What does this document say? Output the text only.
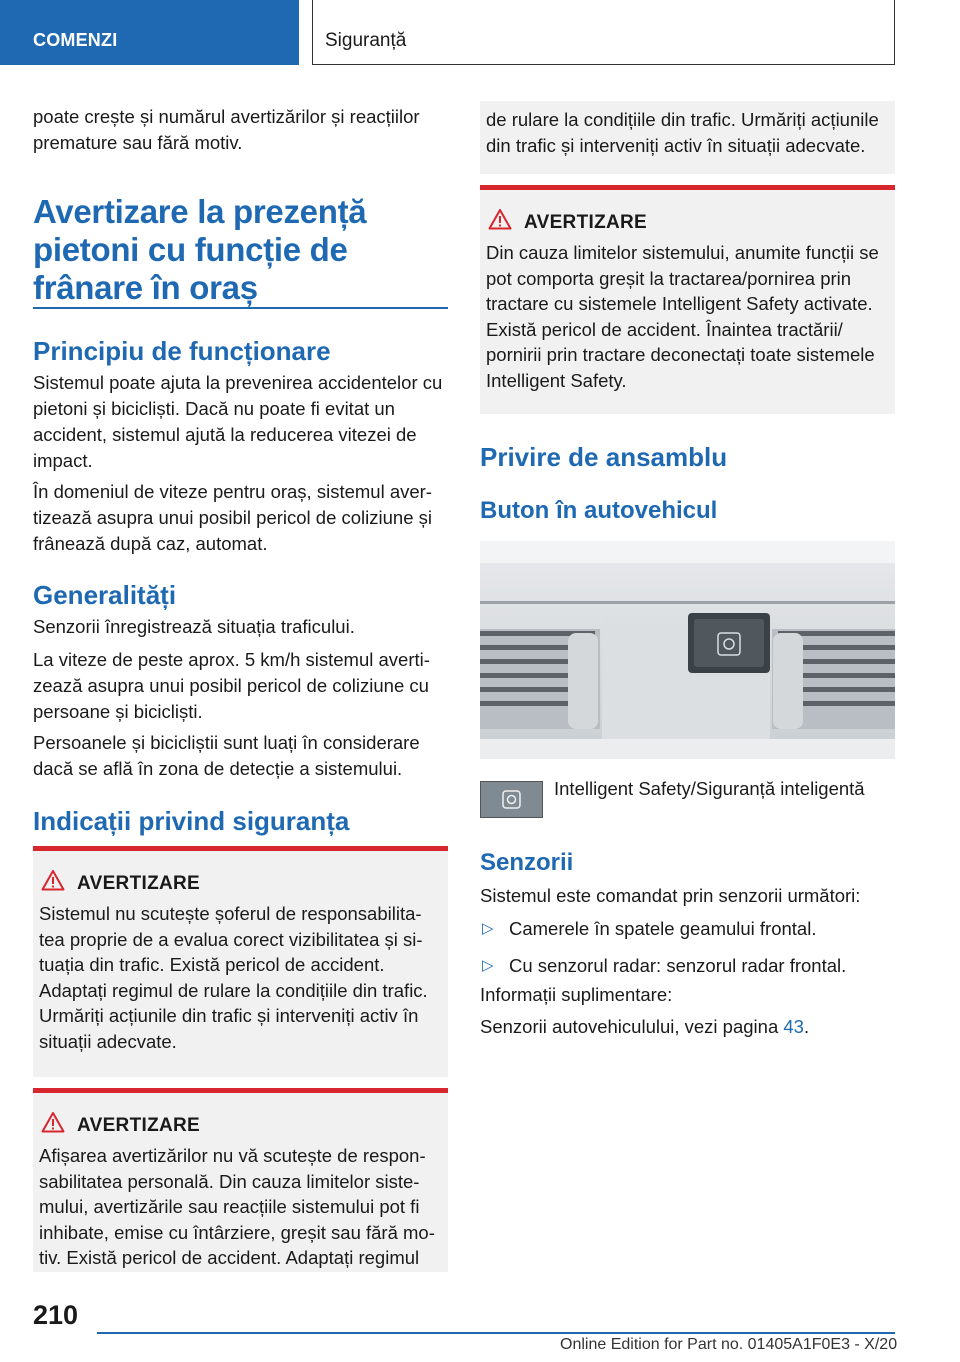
COMENZI	Siguranță

poate crește și numărul avertizărilor și reacțiilor premature sau fără motiv.

Avertizare la prezență pietoni cu funcție de frânare în oraș
Principiu de funcționare

Sistemul poate ajuta la prevenirea accidentelor cu pietoni și bicicliști. Dacă nu poate fi evitat un accident, sistemul ajută la reducerea vitezei de impact.

În domeniul de viteze pentru oraș, sistemul aver-tizează asupra unui posibil pericol de coliziune și frânează după caz, automat.

Generalități

Senzorii înregistrează situația traficului.

La viteze de peste aprox. 5 km/h sistemul averti-zează asupra unui posibil pericol de coliziune cu persoane și bicicliști.

Persoanele și bicicliștii sunt luați în considerare dacă se află în zona de detecție a sistemului.

Indicații privind siguranța
AVERTIZARE

Sistemul nu scutește șoferul de responsabilita-tea proprie de a evalua corect vizibilitatea și si-tuația din trafic. Există pericol de accident. Adaptați regimul de rulare la condițiile din trafic. Urmăriți acțiunile din trafic și interveniți activ în situații adecvate.

AVERTIZARE

Afișarea avertizărilor nu vă scutește de respon-sabilitatea personală. Din cauza limitelor siste-mului, avertizările sau reacțiile sistemului pot fi inhibate, emise cu întârziere, greșit sau fără mo-tiv. Există pericol de accident. Adaptați regimul

de rulare la condițiile din trafic. Urmăriți acțiunile din trafic și interveniți activ în situații adecvate.

AVERTIZARE

Din cauza limitelor sistemului, anumite funcții se pot comporta greșit la tractarea/pornirea prin tractare cu sistemele Intelligent Safety activate. Există pericol de accident. Înaintea tractării/ pornirii prin tractare deconectați toate sistemele Intelligent Safety.

Privire de ansamblu
Buton în autovehicul

Intelligent Safety/Siguranță inteligentă

Senzorii

Sistemul este comandat prin senzorii următori:

▷ Camerele în spatele geamului frontal.
▷ Cu senzorul radar: senzorul radar frontal.

Informații suplimentare:

Senzorii autovehiculului, vezi pagina 43.

210
Online Edition for Part no. 01405A1F0E3 - X/20
